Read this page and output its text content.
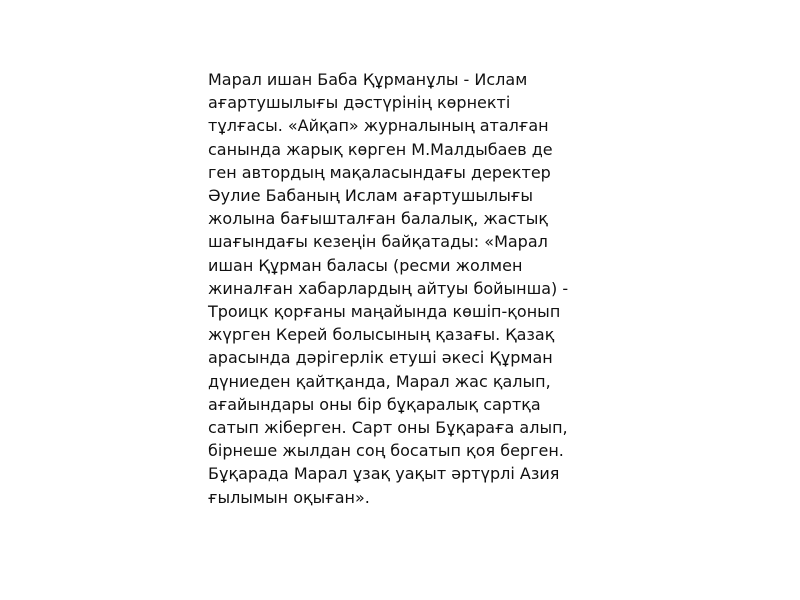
Марал ишан Баба Құрманұлы - Ислам
ағартушылығы дәстүрінің көрнекті
тұлғасы. «Айқап» журналының аталған
санында жарық көрген М.Малдыбаев де
ген автордың мақаласындағы деректер
Әулие Бабаның Ислам ағартушылығы
жолына бағышталған балалық, жастық
шағындағы кезеңін байқатады: «Марал
ишан Құрман баласы (ресми жолмен
жиналған хабарлардың айтуы бойынша) -
Троицк қорғаны маңайында көшіп-қонып
жүрген Керей болысының қазағы. Қазақ
арасында дәрігерлік етуші әкесі Құрман
дүниеден қайтқанда, Марал жас қалып,
ағайындары оны бір бұқаралық сартқа
сатып жіберген. Сарт оны Бұқараға алып,
бірнеше жылдан соң босатып қоя берген.
Бұқарада Марал ұзақ уақыт әртүрлі Азия
ғылымын оқыған».
